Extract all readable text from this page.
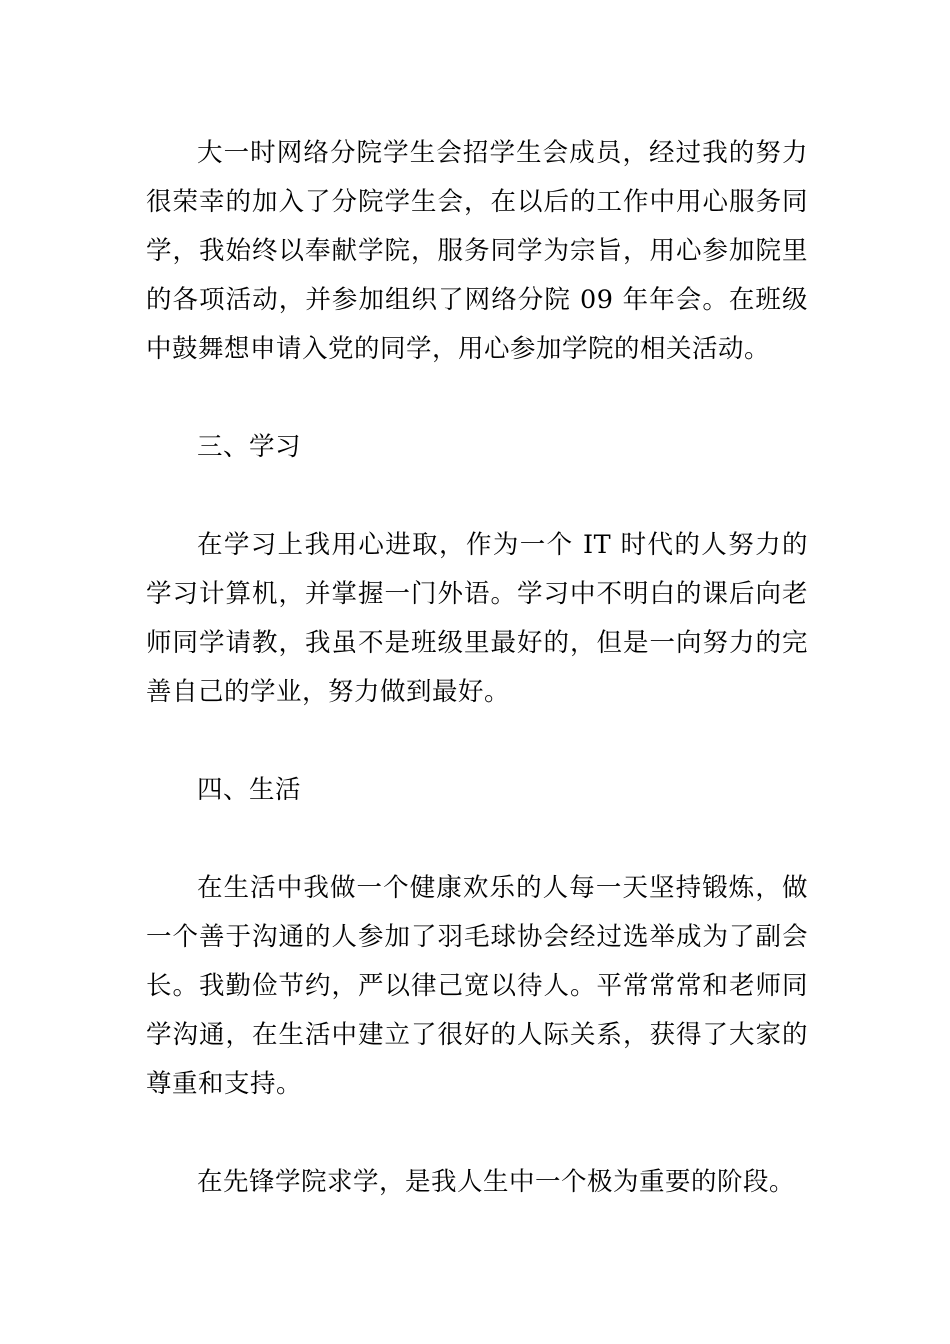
大一时网络分院学生会招学生会成员，经过我的努力很荣幸的加入了分院学生会，在以后的工作中用心服务同学，我始终以奉献学院，服务同学为宗旨，用心参加院里的各项活动，并参加组织了网络分院 09 年年会。在班级中鼓舞想申请入党的同学，用心参加学院的相关活动。

三、学习

在学习上我用心进取，作为一个 IT 时代的人努力的学习计算机，并掌握一门外语。学习中不明白的课后向老师同学请教，我虽不是班级里最好的，但是一向努力的完善自己的学业，努力做到最好。

四、生活

在生活中我做一个健康欢乐的人每一天坚持锻炼，做一个善于沟通的人参加了羽毛球协会经过选举成为了副会长。我勤俭节约，严以律己宽以待人。平常常常和老师同学沟通，在生活中建立了很好的人际关系，获得了大家的尊重和支持。

在先锋学院求学，是我人生中一个极为重要的阶段。
